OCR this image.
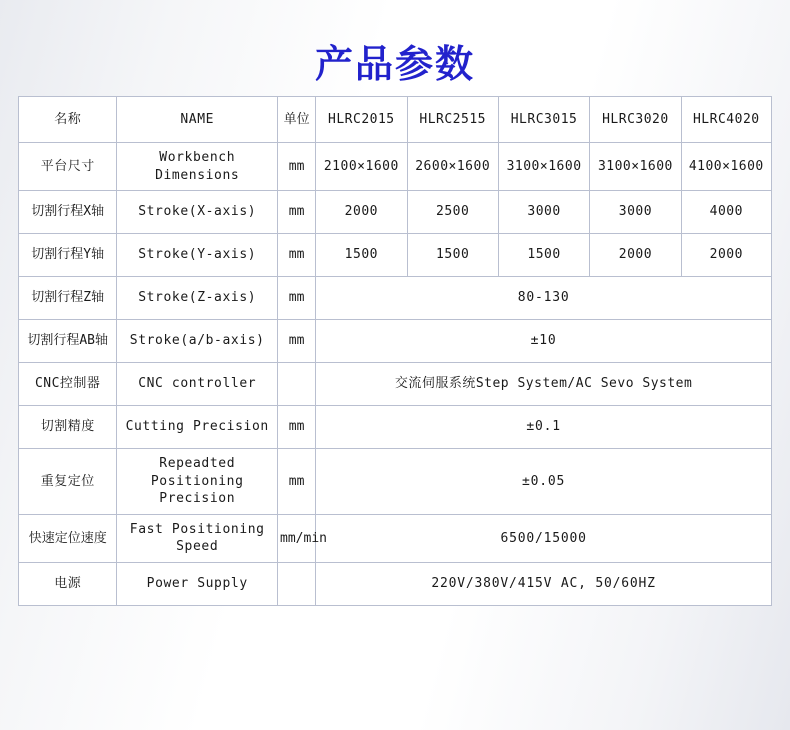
产品参数
名称	NAME	单位	HLRC2015	HLRC2515	HLRC3015	HLRC3020	HLRC4020
平台尺寸	Workbench Dimensions	mm	2100×1600	2600×1600	3100×1600	3100×1600	4100×1600
切割行程X轴	Stroke(X-axis)	mm	2000	2500	3000	3000	4000
切割行程Y轴	Stroke(Y-axis)	mm	1500	1500	1500	2000	2000
切割行程Z轴	Stroke(Z-axis)	mm	80-130				
切割行程AB轴	Stroke(a/b-axis)	mm	±10				
CNC控制器	CNC controller		交流伺服系统Step System/AC Sevo System				
切割精度	Cutting Precision	mm	±0.1				
重复定位	Repeadted Positioning Precision	mm	±0.05				
快速定位速度	Fast Positioning Speed	mm/min	6500/15000				
电源	Power Supply		220V/380V/415V AC, 50/60HZ				
